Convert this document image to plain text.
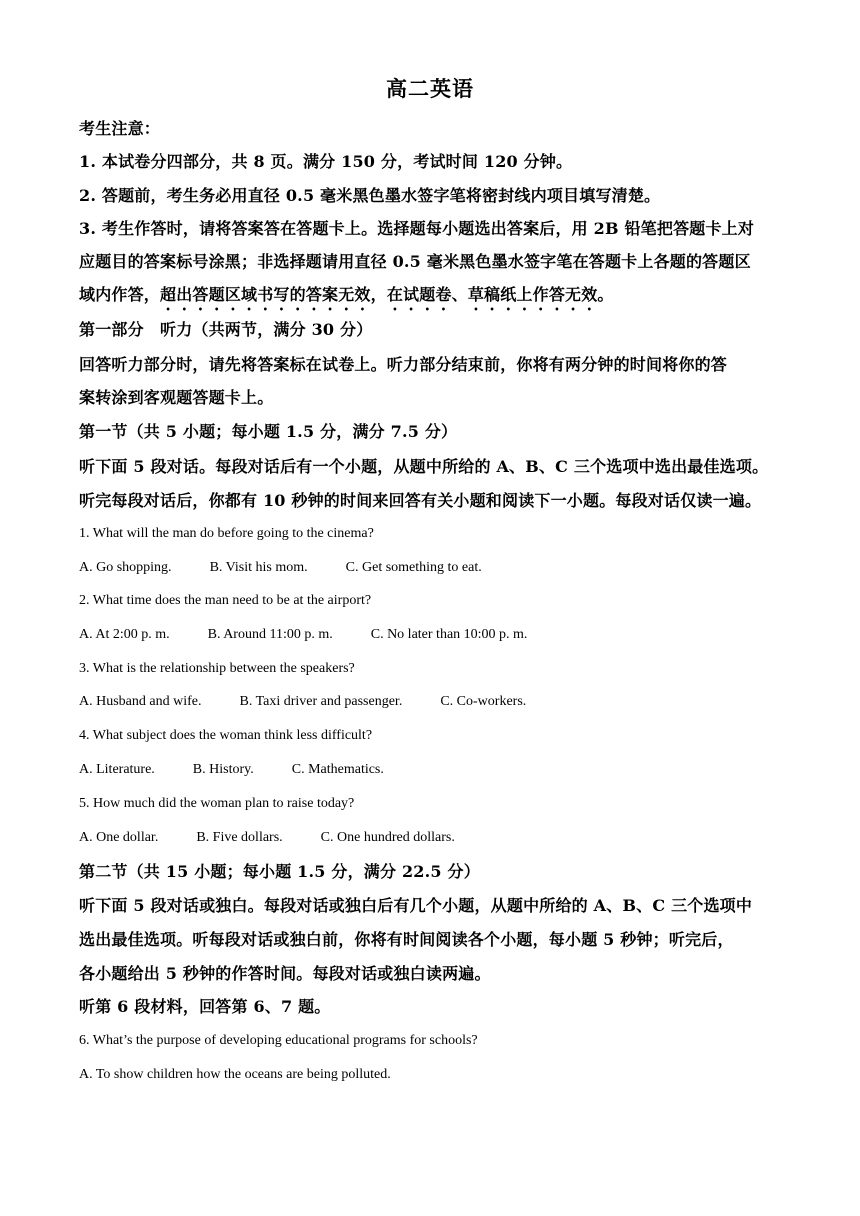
高二英语
考生注意：
1. 本试卷分四部分，共 8 页。满分 150 分，考试时间 120 分钟。
2. 答题前，考生务必用直径 0.5 毫米黑色墨水签字笔将密封线内项目填写清楚。
3. 考生作答时，请将答案答在答题卡上。选择题每小题选出答案后，用 2B 铅笔把答题卡上对
应题目的答案标号涂黑；非选择题请用直径 0.5 毫米黑色墨水签字笔在答题卡上各题的答题区
域内作答，超出答题区域书写的答案无效，在试题卷、草稿纸上作答无效。
第一部分　听力（共两节，满分 30 分）
回答听力部分时，请先将答案标在试卷上。听力部分结束前，你将有两分钟的时间将你的答
案转涂到客观题答题卡上。
第一节（共 5 小题；每小题 1.5 分，满分 7.5 分）
听下面 5 段对话。每段对话后有一个小题，从题中所给的 A、B、C 三个选项中选出最佳选项。
听完每段对话后，你都有 10 秒钟的时间来回答有关小题和阅读下一小题。每段对话仅读一遍。
1. What will the man do before going to the cinema?
A. Go shopping.	B. Visit his mom.	C. Get something to eat.
2. What time does the man need to be at the airport?
A. At 2:00 p. m.	B. Around 11:00 p. m.	C. No later than 10:00 p. m.
3. What is the relationship between the speakers?
A. Husband and wife.	B. Taxi driver and passenger.	C. Co-workers.
4. What subject does the woman think less difficult?
A. Literature.	B. History.	C. Mathematics.
5. How much did the woman plan to raise today?
A. One dollar.	B. Five dollars.	C. One hundred dollars.
第二节（共 15 小题；每小题 1.5 分，满分 22.5 分）
听下面 5 段对话或独白。每段对话或独白后有几个小题，从题中所给的 A、B、C 三个选项中
选出最佳选项。听每段对话或独白前，你将有时间阅读各个小题，每小题 5 秒钟；听完后，
各小题给出 5 秒钟的作答时间。每段对话或独白读两遍。
听第 6 段材料，回答第 6、7 题。
6. What’s the purpose of developing educational programs for schools?
A. To show children how the oceans are being polluted.
